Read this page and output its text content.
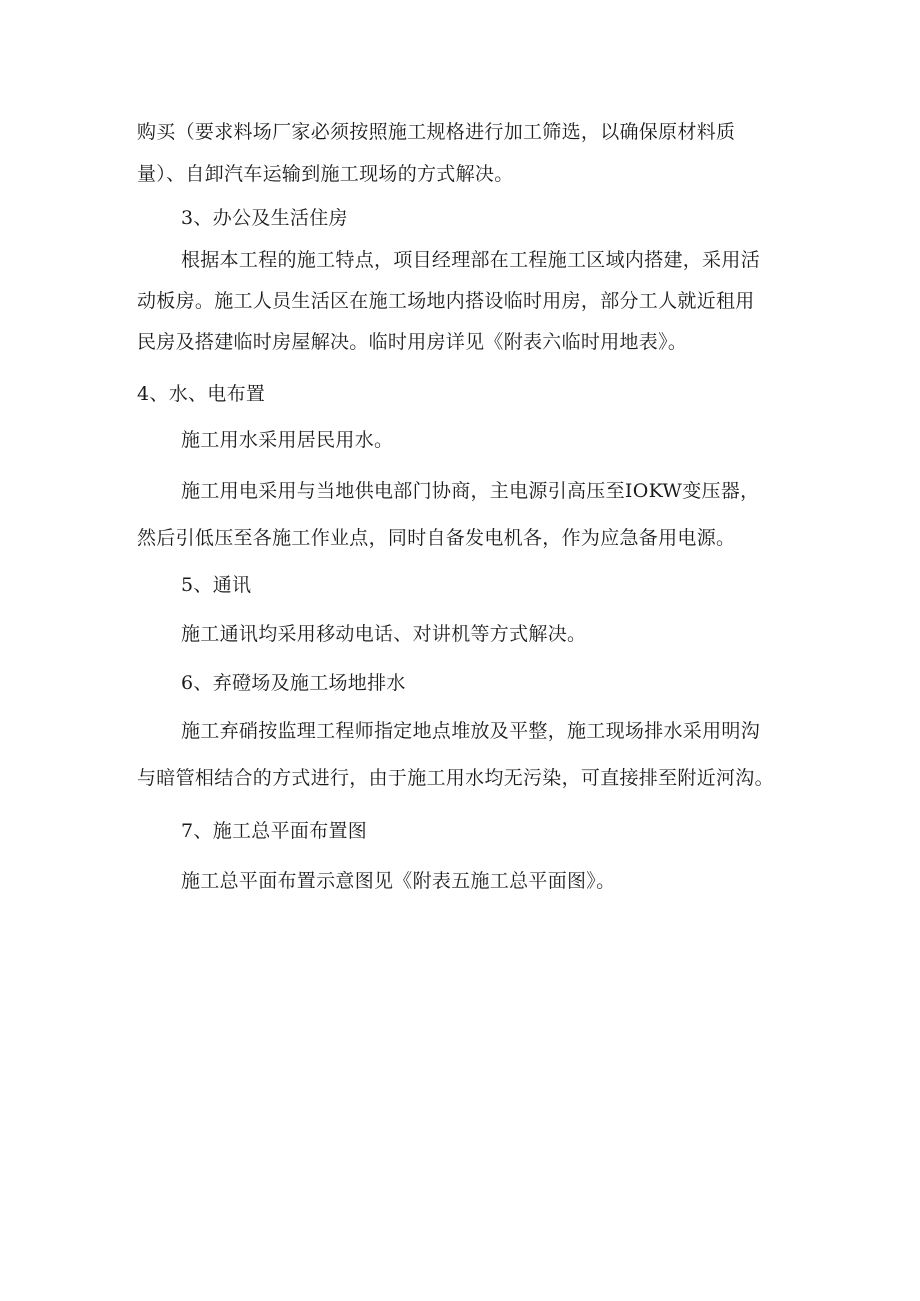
购买（要求料场厂家必须按照施工规格进行加工筛选，以确保原材料质

量）、自卸汽车运输到施工现场的方式解决。

3、办公及生活住房

根据本工程的施工特点，项目经理部在工程施工区域内搭建，采用活

动板房。施工人员生活区在施工场地内搭设临时用房，部分工人就近租用

民房及搭建临时房屋解决。临时用房详见《附表六临时用地表》。

4、水、电布置

施工用水采用居民用水。

施工用电采用与当地供电部门协商，主电源引高压至IOKW变压器，

然后引低压至各施工作业点，同时自备发电机各，作为应急备用电源。

5、通讯

施工通讯均采用移动电话、对讲机等方式解决。

6、弃磴场及施工场地排水

施工弃硝按监理工程师指定地点堆放及平整，施工现场排水采用明沟

与暗管相结合的方式进行，由于施工用水均无污染，可直接排至附近河沟。

7、施工总平面布置图

施工总平面布置示意图见《附表五施工总平面图》。
